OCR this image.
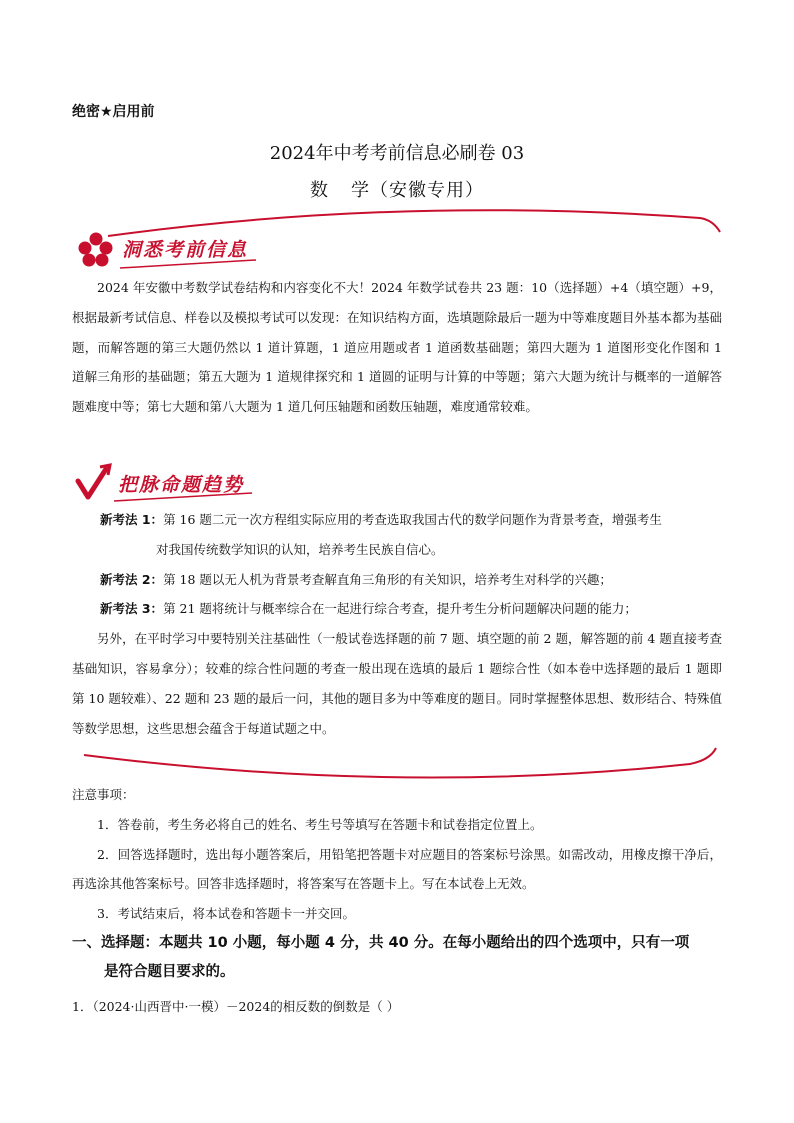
绝密★启用前
2024年中考考前信息必刷卷 03
数 学（安徽专用）
洞悉考前信息
2024 年安徽中考数学试卷结构和内容变化不大！2024 年数学试卷共 23 题：10（选择题）+4（填空题）+9，根据最新考试信息、样卷以及模拟考试可以发现：在知识结构方面，选填题除最后一题为中等难度题目外基本都为基础题，而解答题的第三大题仍然以 1 道计算题，1 道应用题或者 1 道函数基础题；第四大题为 1 道图形变化作图和 1 道解三角形的基础题；第五大题为 1 道规律探究和 1 道圆的证明与计算的中等题；第六大题为统计与概率的一道解答题难度中等；第七大题和第八大题为 1 道几何压轴题和函数压轴题，难度通常较难。
把脉命题趋势
新考法 1：第 16 题二元一次方程组实际应用的考查选取我国古代的数学问题作为背景考查，增强考生
对我国传统数学知识的认知，培养考生民族自信心。
新考法 2：第 18 题以无人机为背景考查解直角三角形的有关知识，培养考生对科学的兴趣；
新考法 3：第 21 题将统计与概率综合在一起进行综合考查，提升考生分析问题解决问题的能力；
另外，在平时学习中要特别关注基础性（一般试卷选择题的前 7 题、填空题的前 2 题，解答题的前 4 题直接考查基础知识，容易拿分）；较难的综合性问题的考查一般出现在选填的最后 1 题综合性（如本卷中选择题的最后 1 题即第 10 题较难）、22 题和 23 题的最后一问，其他的题目多为中等难度的题目。同时掌握整体思想、数形结合、特殊值等数学思想，这些思想会蕴含于每道试题之中。
注意事项：
1．答卷前，考生务必将自己的姓名、考生号等填写在答题卡和试卷指定位置上。
2．回答选择题时，选出每小题答案后，用铅笔把答题卡对应题目的答案标号涂黑。如需改动，用橡皮擦干净后，再选涂其他答案标号。回答非选择题时，将答案写在答题卡上。写在本试卷上无效。
3．考试结束后，将本试卷和答题卡一并交回。
一、选择题：本题共 10 小题，每小题 4 分，共 40 分。在每小题给出的四个选项中，只有一项
是符合题目要求的。
1．（2024·山西晋中·一模）－2024的相反数的倒数是（ ）
